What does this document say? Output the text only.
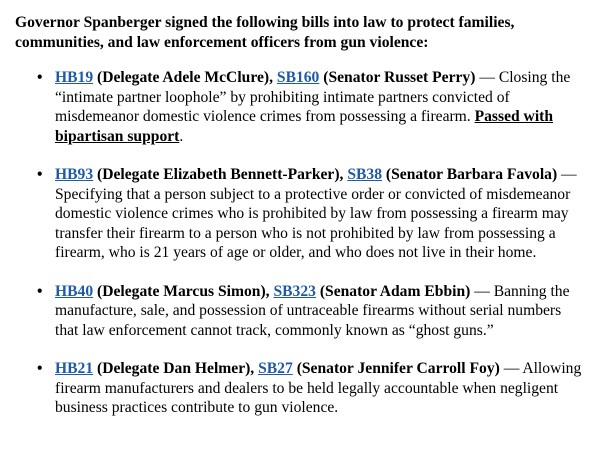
Governor Spanberger signed the following bills into law to protect families, communities, and law enforcement officers from gun violence:

• HB19 (Delegate Adele McClure), SB160 (Senator Russet Perry) — Closing the “intimate partner loophole” by prohibiting intimate partners convicted of misdemeanor domestic violence crimes from possessing a firearm. Passed with bipartisan support.
• HB93 (Delegate Elizabeth Bennett-Parker), SB38 (Senator Barbara Favola) — Specifying that a person subject to a protective order or convicted of misdemeanor domestic violence crimes who is prohibited by law from possessing a firearm may transfer their firearm to a person who is not prohibited by law from possessing a firearm, who is 21 years of age or older, and who does not live in their home.
• HB40 (Delegate Marcus Simon), SB323 (Senator Adam Ebbin) — Banning the manufacture, sale, and possession of untraceable firearms without serial numbers that law enforcement cannot track, commonly known as “ghost guns.”
• HB21 (Delegate Dan Helmer), SB27 (Senator Jennifer Carroll Foy) — Allowing firearm manufacturers and dealers to be held legally accountable when negligent business practices contribute to gun violence.
